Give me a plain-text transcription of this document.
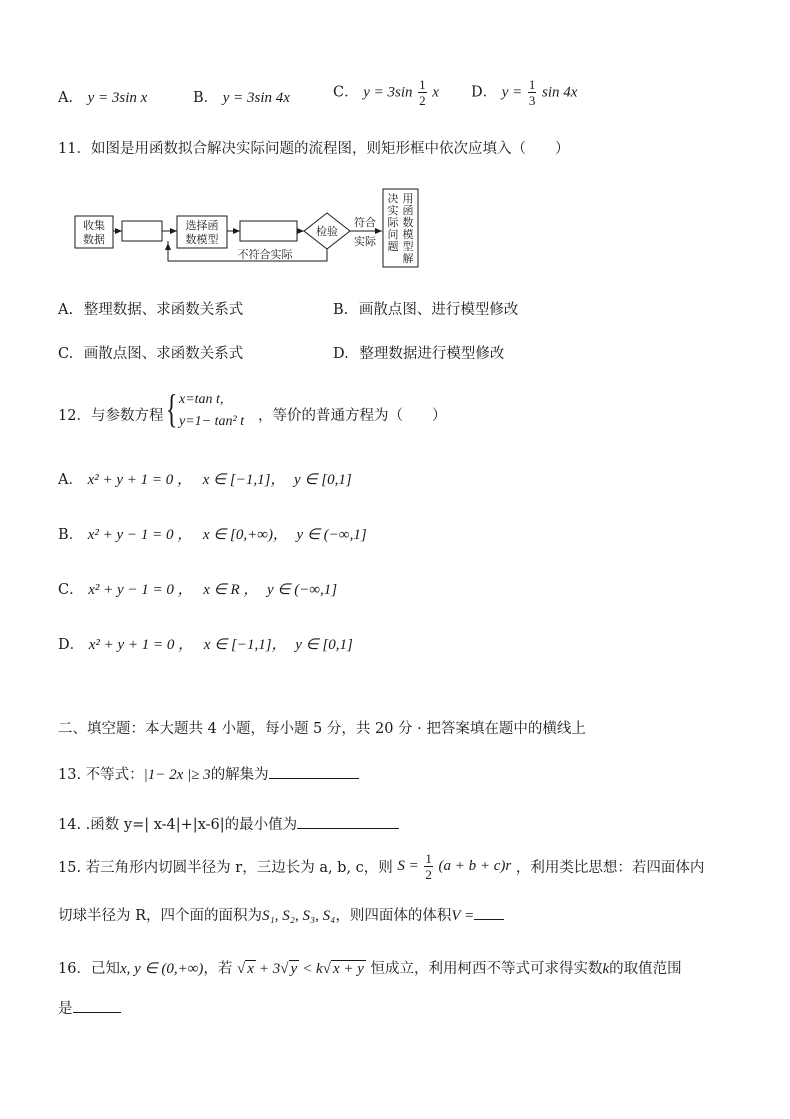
A． y = 3sin x	B． y = 3sin 4x	C． $y = 3\sin \frac{1}{2}$ x D． $y = \frac{1}{3}$ sin 4x
11．如图是用函数拟合解决实际问题的流程图，则矩形框中依次应填入（　　）
收集
数据
选择函
数模型
检验
符合
实际
不符合实际
用
函
数
模
型
解
决
实
际
问
题
A. 整理数据、求函数关系式	B. 画散点图、进行模型修改
C. 画散点图、求函数关系式	D. 整理数据进行模型修改
12．与参数方程 { x=tan t,
y=1− tan² t ，等价的普通方程为（　　）
A． x² + y + 1 = 0 ， x ∈ [−1,1]， y ∈ [0,1]
B． x² + y − 1 = 0 ， x ∈ [0,+∞)， y ∈ (−∞,1]
C． x² + y − 1 = 0 ， x ∈ R ， y ∈ (−∞,1]
D． x² + y + 1 = 0 ， x ∈ [−1,1]， y ∈ [0,1]
二、填空题：本大题共 4 小题，每小题 5 分，共 20 分 · 把答案填在题中的横线上
13. 不等式：|1− 2x |≥ 3的解集为
14. .函数 y=| x-4|+|x-6|的最小值为
15. 若三角形内切圆半径为 r，三边长为 a, b, c，则 $S = \frac{1}{2} (a + b + c)r$ ，利用类比思想：若四面体内
切球半径为 R，四个面的面积为S₁, S₂, S₃, S₄，则四面体的体积V =
16．己知x, y ∈ (0,+∞)，若 √ x + 3√ y < k√ x + y 恒成立，利用柯西不等式可求得实数k的取值范围
是
